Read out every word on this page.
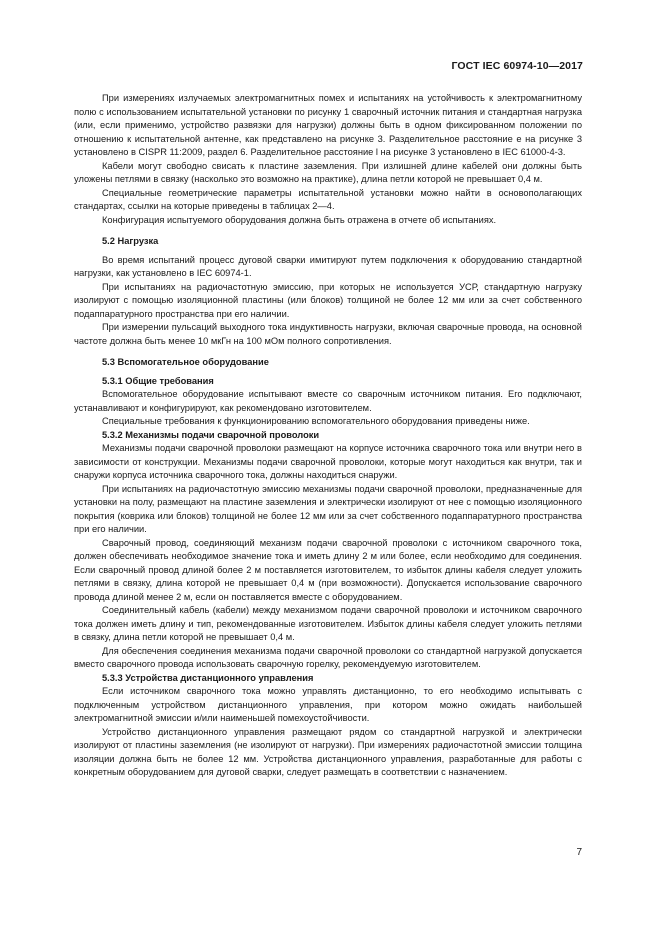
ГОСТ IEC 60974-10—2017

При измерениях излучаемых электромагнитных помех и испытаниях на устойчивость к электромагнитному полю с использованием испытательной установки по рисунку 1 сварочный источник питания и стандартная нагрузка (или, если применимо, устройство развязки для нагрузки) должны быть в одном фиксированном положении по отношению к испытательной антенне, как представлено на рисунке 3. Разделительное расстояние e на рисунке 3 установлено в CISPR 11:2009, раздел 6. Разделительное расстояние l на рисунке 3 установлено в IEC 61000-4-3.

Кабели могут свободно свисать к пластине заземления. При излишней длине кабелей они должны быть уложены петлями в связку (насколько это возможно на практике), длина петли которой не превышает 0,4 м.

Специальные геометрические параметры испытательной установки можно найти в основополагающих стандартах, ссылки на которые приведены в таблицах 2—4.

Конфигурация испытуемого оборудования должна быть отражена в отчете об испытаниях.

5.2 Нагрузка

Во время испытаний процесс дуговой сварки имитируют путем подключения к оборудованию стандартной нагрузки, как установлено в IEC 60974-1.

При испытаниях на радиочастотную эмиссию, при которых не используется УСР, стандартную нагрузку изолируют с помощью изоляционной пластины (или блоков) толщиной не более 12 мм или за счет собственного подаппаратурного пространства при его наличии.

При измерении пульсаций выходного тока индуктивность нагрузки, включая сварочные провода, на основной частоте должна быть менее 10 мкГн на 100 мОм полного сопротивления.

5.3 Вспомогательное оборудование
5.3.1 Общие требования

Вспомогательное оборудование испытывают вместе со сварочным источником питания. Его подключают, устанавливают и конфигурируют, как рекомендовано изготовителем.

Специальные требования к функционированию вспомогательного оборудования приведены ниже.

5.3.2 Механизмы подачи сварочной проволоки

Механизмы подачи сварочной проволоки размещают на корпусе источника сварочного тока или внутри него в зависимости от конструкции. Механизмы подачи сварочной проволоки, которые могут находиться как внутри, так и снаружи корпуса источника сварочного тока, должны находиться снаружи.

При испытаниях на радиочастотную эмиссию механизмы подачи сварочной проволоки, предназначенные для установки на полу, размещают на пластине заземления и электрически изолируют от нее с помощью изоляционного покрытия (коврика или блоков) толщиной не более 12 мм или за счет собственного подаппаратурного пространства при его наличии.

Сварочный провод, соединяющий механизм подачи сварочной проволоки с источником сварочного тока, должен обеспечивать необходимое значение тока и иметь длину 2 м или более, если необходимо для соединения. Если сварочный провод длиной более 2 м поставляется изготовителем, то избыток длины кабеля следует уложить петлями в связку, длина которой не превышает 0,4 м (при возможности). Допускается использование сварочного провода длиной менее 2 м, если он поставляется вместе с оборудованием.

Соединительный кабель (кабели) между механизмом подачи сварочной проволоки и источником сварочного тока должен иметь длину и тип, рекомендованные изготовителем. Избыток длины кабеля следует уложить петлями в связку, длина петли которой не превышает 0,4 м.

Для обеспечения соединения механизма подачи сварочной проволоки со стандартной нагрузкой допускается вместо сварочного провода использовать сварочную горелку, рекомендуемую изготовителем.

5.3.3 Устройства дистанционного управления

Если источником сварочного тока можно управлять дистанционно, то его необходимо испытывать с подключенным устройством дистанционного управления, при котором можно ожидать наибольшей электромагнитной эмиссии и/или наименьшей помехоустойчивости.

Устройство дистанционного управления размещают рядом со стандартной нагрузкой и электрически изолируют от пластины заземления (не изолируют от нагрузки). При измерениях радиочастотной эмиссии толщина изоляции должна быть не более 12 мм. Устройства дистанционного управления, разработанные для работы с конкретным оборудованием для дуговой сварки, следует размещать в соответствии с назначением.

7
